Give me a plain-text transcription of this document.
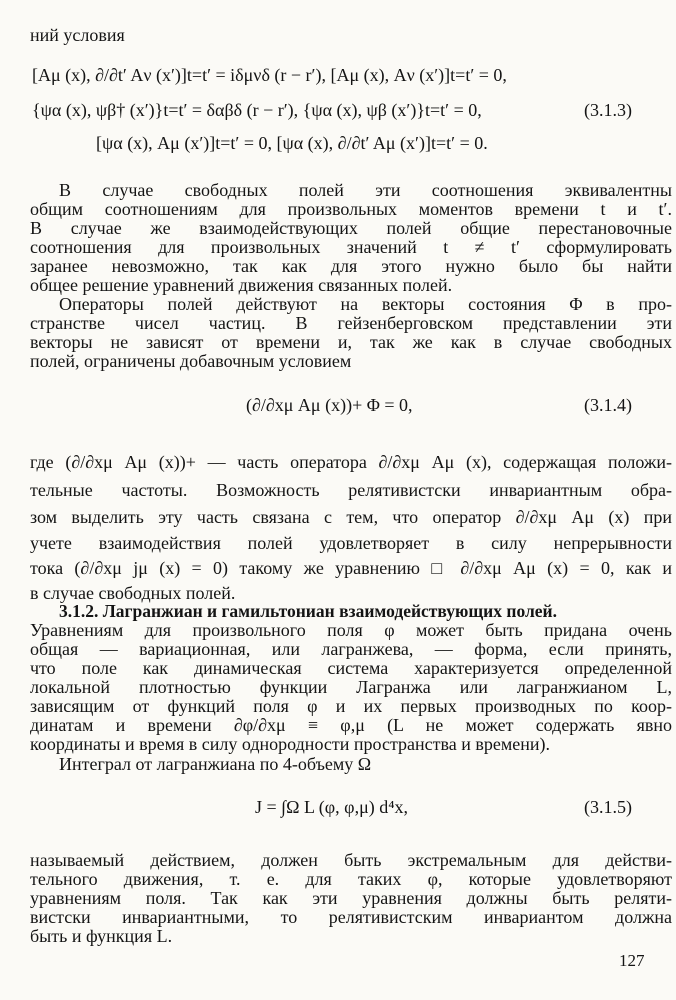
ний условия
[Aμ (x), ∂/∂t′ Aν (x′)]t=t′ = iδμνδ (r − r′), [Aμ (x), Aν (x′)]t=t′ = 0,
{ψα (x), ψβ† (x′)}t=t′ = δαβδ (r − r′), {ψα (x), ψβ (x′)}t=t′ = 0,	(3.1.3)
[ψα (x), Aμ (x′)]t=t′ = 0, [ψα (x), ∂/∂t′ Aμ (x′)]t=t′ = 0.
В случае свободных полей эти соотношения эквивалентны
общим соотношениям для произвольных моментов времени t и t′.
В случае же взаимодействующих полей общие перестановочные
соотношения для произвольных значений t ≠ t′ сформулировать
заранее невозможно, так как для этого нужно было бы найти
общее решение уравнений движения связанных полей.
Операторы полей действуют на векторы состояния Φ в про-
странстве чисел частиц. В гейзенберговском представлении эти
векторы не зависят от времени и, так же как в случае свободных
полей, ограничены добавочным условием
(∂/∂xμ Aμ (x))+ Φ = 0,	(3.1.4)
где (∂/∂xμ Aμ (x))+ — часть оператора ∂/∂xμ Aμ (x), содержащая положи-
тельные частоты. Возможность релятивистски инвариантным обра-
зом выделить эту часть связана с тем, что оператор ∂/∂xμ Aμ (x) при
учете взаимодействия полей удовлетворяет в силу непрерывности
тока (∂/∂xμ jμ (x) = 0) такому же уравнению □ ∂/∂xμ Aμ (x) = 0, как и
в случае свободных полей.
3.1.2. Лагранжиан и гамильтониан взаимодействующих полей.
Уравнениям для произвольного поля φ может быть придана очень
общая — вариационная, или лагранжева, — форма, если принять,
что поле как динамическая система характеризуется определенной
локальной плотностью функции Лагранжа или лагранжианом L,
зависящим от функций поля φ и их первых производных по коор-
динатам и времени ∂φ/∂xμ ≡ φ,μ (L не может содержать явно
координаты и время в силу однородности пространства и времени).
Интеграл от лагранжиана по 4-объему Ω
J = ∫Ω L (φ, φ,μ) d⁴x,	(3.1.5)
называемый действием, должен быть экстремальным для действи-
тельного движения, т. е. для таких φ, которые удовлетворяют
уравнениям поля. Так как эти уравнения должны быть реляти-
вистски инвариантными, то релятивистским инвариантом должна
быть и функция L.
127
